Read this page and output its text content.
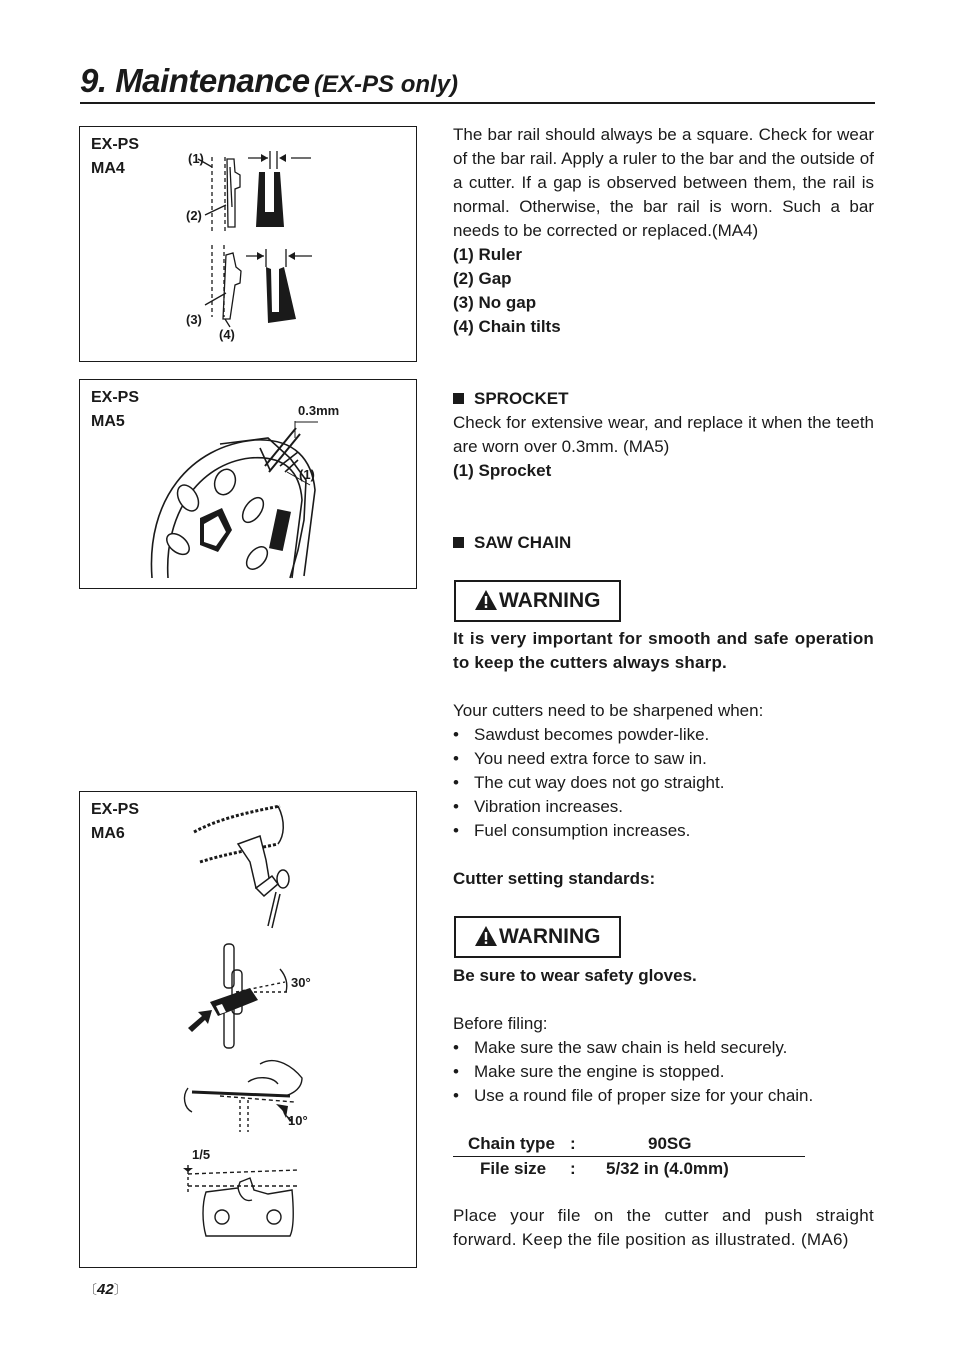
9. Maintenance (EX-PS only)
EX-PS
MA4
(1)
(2)
(3)
(4)
EX-PS
MA5
0.3mm
(1)
EX-PS
MA6
30°
10°
1/5

The bar rail should always be a square. Check for wear of the bar rail. Apply a ruler to the bar and the outside of a cutter. If a gap is observed between them, the rail is normal. Otherwise, the bar rail is worn. Such a bar needs to be corrected or replaced.(MA4)

(1) Ruler
(2) Gap
(3) No gap
(4) Chain tilts
SPROCKET

Check for extensive wear, and replace it when the teeth are worn over 0.3mm. (MA5)

(1) Sprocket
SAW CHAIN
WARNING

It is very important for smooth and safe operation to keep the cutters always sharp.

Your cutters need to be sharpened when:
• Sawdust becomes powder-like.
• You need extra force to saw in.
• The cut way does not go straight.
• Vibration increases.
• Fuel consumption increases.
Cutter setting standards:
WARNING
Be sure to wear safety gloves.
Before filing:
• Make sure the saw chain is held securely.
• Make sure the engine is stopped.
• Use a round file of proper size for your chain.
Chain type :	90SG
File size : 5/32 in (4.0mm)

Place your file on the cutter and push straight forward. Keep the file position as illustrated. (MA6)

〔42〕
